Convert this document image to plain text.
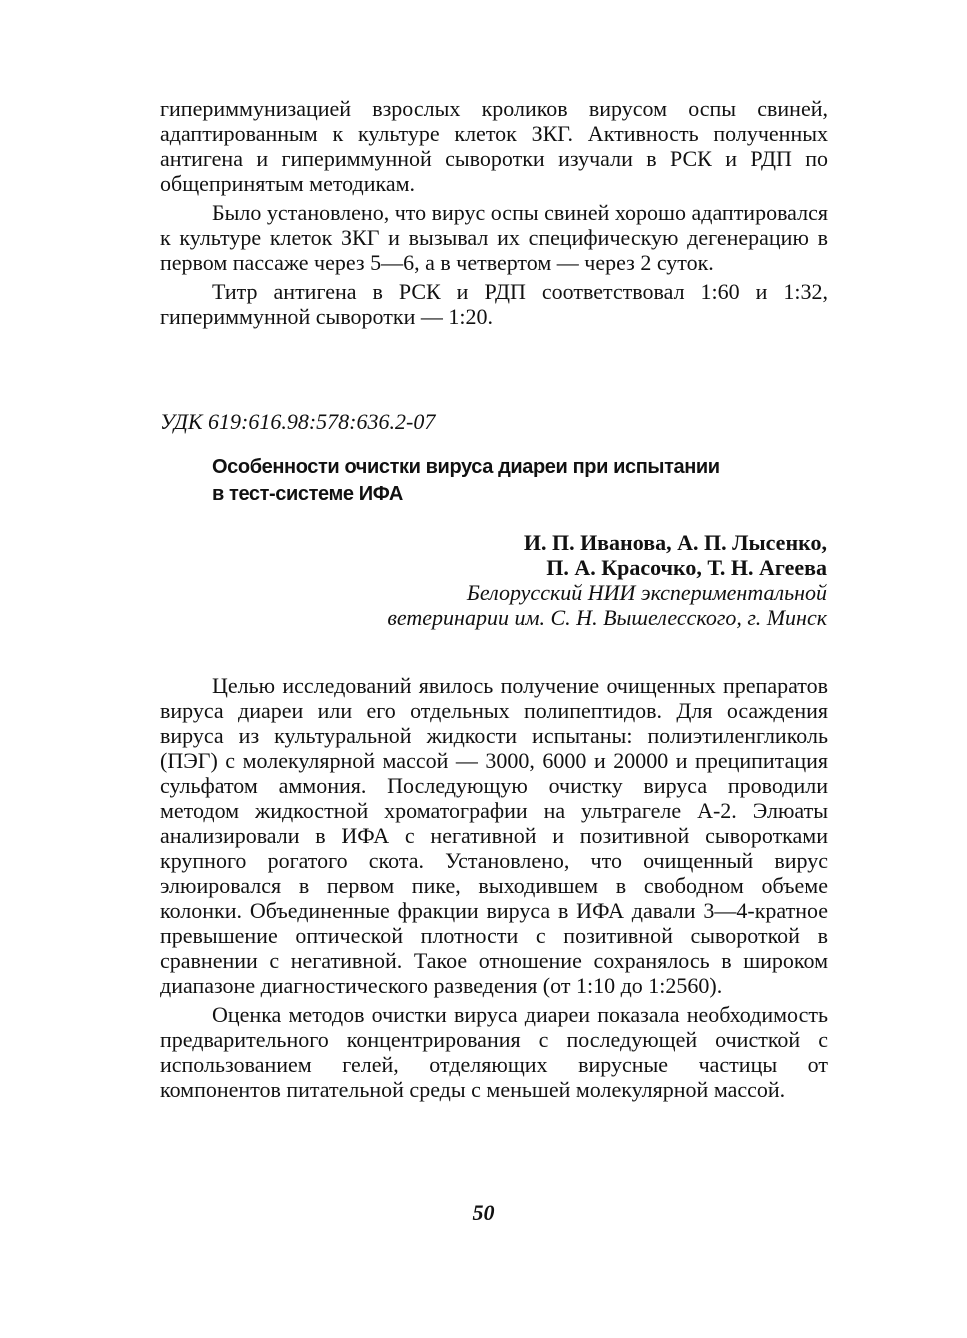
гипериммунизацией взрослых кроликов вирусом оспы свиней, адаптированным к культуре клеток ЗКГ. Активность полученных антигена и гипериммунной сыворотки изучали в РСК и РДП по общепринятым методикам.

Было установлено, что вирус оспы свиней хорошо адаптировался к культуре клеток ЗКГ и вызывал их специфическую дегенерацию в первом пассаже через 5—6, а в четвертом — через 2 суток.

Титр антигена в РСК и РДП соответствовал 1:60 и 1:32, гипериммунной сыворотки — 1:20.

УДК 619:616.98:578:636.2-07

Особенности очистки вируса диареи при испытании
в тест-системе ИФА

И. П. Иванова, А. П. Лысенко,

П. А. Красочко, Т. Н. Агеева

Белорусский НИИ экспериментальной

ветеринарии им. С. Н. Вышелесского, г. Минск

Целью исследований явилось получение очищенных препаратов вируса диареи или его отдельных полипептидов. Для осаждения вируса из культуральной жидкости испытаны: полиэтиленгликоль (ПЭГ) с молекулярной массой — 3000, 6000 и 20000 и преципитация сульфатом аммония. Последующую очистку вируса проводили методом жидкостной хроматографии на ультрагеле А-2. Элюаты анализировали в ИФА с негативной и позитивной сыворотками крупного рогатого скота. Установлено, что очищенный вирус элюировался в первом пике, выходившем в свободном объеме колонки. Объединенные фракции вируса в ИФА давали 3—4-кратное превышение оптической плотности с позитивной сывороткой в сравнении с негативной. Такое отношение сохранялось в широком диапазоне диагностического разведения (от 1:10 до 1:2560).

Оценка методов очистки вируса диареи показала необходимость предварительного концентрирования с последующей очисткой с использованием гелей, отделяющих вирусные частицы от компонентов питательной среды с меньшей молекулярной массой.

50
